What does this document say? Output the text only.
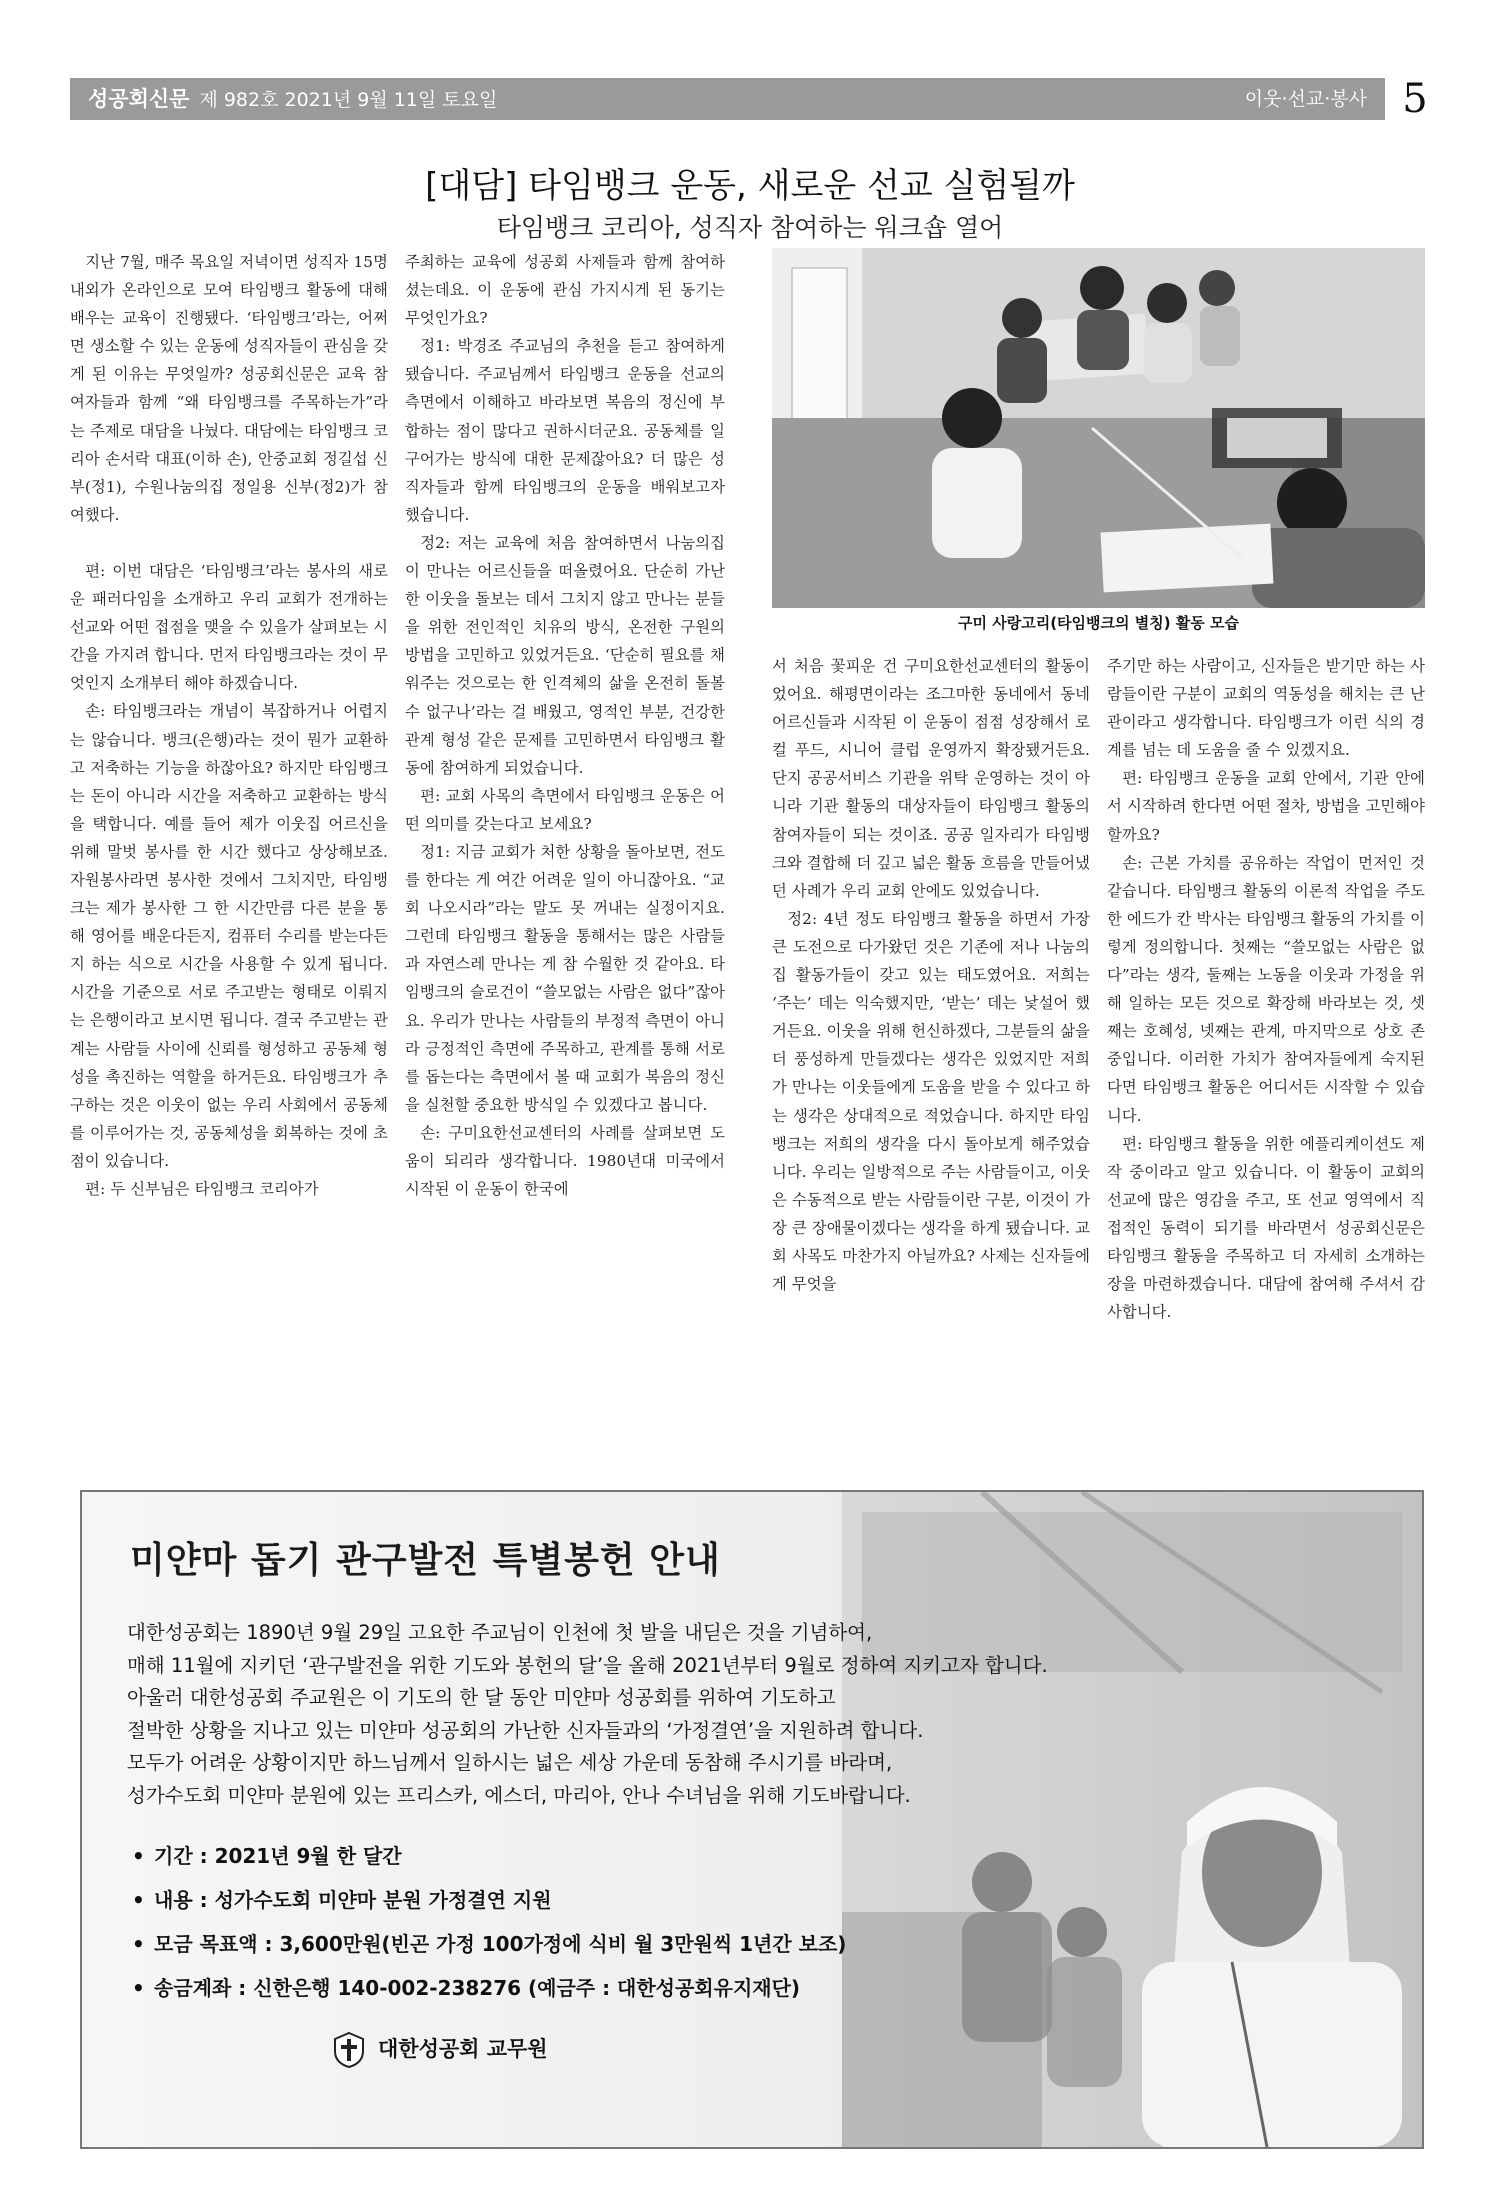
성공회신문 제 982호 2021년 9월 11일 토요일	이웃·선교·봉사 5
[대담] 타임뱅크 운동, 새로운 선교 실험될까
타임뱅크 코리아, 성직자 참여하는 워크숍 열어

지난 7월, 매주 목요일 저녁이면 성직자 15명 내외가 온라인으로 모여 타임뱅크 활동에 대해 배우는 교육이 진행됐다. ‘타임뱅크’라는, 어쩌면 생소할 수 있는 운동에 성직자들이 관심을 갖게 된 이유는 무엇일까? 성공회신문은 교육 참여자들과 함께 “왜 타임뱅크를 주목하는가”라는 주제로 대담을 나눴다. 대담에는 타임뱅크 코리아 손서락 대표(이하 손), 안중교회 정길섭 신부(정1), 수원나눔의집 정일용 신부(정2)가 참여했다.

편: 이번 대담은 ‘타임뱅크’라는 봉사의 새로운 패러다임을 소개하고 우리 교회가 전개하는 선교와 어떤 접점을 맺을 수 있을가 살펴보는 시간을 가지려 합니다. 먼저 타임뱅크라는 것이 무엇인지 소개부터 해야 하겠습니다.

손: 타임뱅크라는 개념이 복잡하거나 어렵지는 않습니다. 뱅크(은행)라는 것이 뭔가 교환하고 저축하는 기능을 하잖아요? 하지만 타임뱅크는 돈이 아니라 시간을 저축하고 교환하는 방식을 택합니다. 예를 들어 제가 이웃집 어르신을 위해 말벗 봉사를 한 시간 했다고 상상해보죠. 자원봉사라면 봉사한 것에서 그치지만, 타임뱅크는 제가 봉사한 그 한 시간만큼 다른 분을 통해 영어를 배운다든지, 컴퓨터 수리를 받는다든지 하는 식으로 시간을 사용할 수 있게 됩니다. 시간을 기준으로 서로 주고받는 형태로 이뤄지는 은행이라고 보시면 됩니다. 결국 주고받는 관계는 사람들 사이에 신뢰를 형성하고 공동체 형성을 촉진하는 역할을 하거든요. 타임뱅크가 추구하는 것은 이웃이 없는 우리 사회에서 공동체를 이루어가는 것, 공동체성을 회복하는 것에 초점이 있습니다.

편: 두 신부님은 타임뱅크 코리아가

주최하는 교육에 성공회 사제들과 함께 참여하셨는데요. 이 운동에 관심 가지시게 된 동기는 무엇인가요?

정1: 박경조 주교님의 추천을 듣고 참여하게 됐습니다. 주교님께서 타임뱅크 운동을 선교의 측면에서 이해하고 바라보면 복음의 정신에 부합하는 점이 많다고 권하시더군요. 공동체를 일구어가는 방식에 대한 문제잖아요? 더 많은 성직자들과 함께 타임뱅크의 운동을 배워보고자 했습니다.

정2: 저는 교육에 처음 참여하면서 나눔의집이 만나는 어르신들을 떠올렸어요. 단순히 가난한 이웃을 돌보는 데서 그치지 않고 만나는 분들을 위한 전인적인 치유의 방식, 온전한 구원의 방법을 고민하고 있었거든요. ‘단순히 필요를 채워주는 것으로는 한 인격체의 삶을 온전히 돌볼 수 없구나’라는 걸 배웠고, 영적인 부분, 건강한 관계 형성 같은 문제를 고민하면서 타임뱅크 활동에 참여하게 되었습니다.

편: 교회 사목의 측면에서 타임뱅크 운동은 어떤 의미를 갖는다고 보세요?

정1: 지금 교회가 처한 상황을 돌아보면, 전도를 한다는 게 여간 어려운 일이 아니잖아요. “교회 나오시라”라는 말도 못 꺼내는 실정이지요. 그런데 타임뱅크 활동을 통해서는 많은 사람들과 자연스레 만나는 게 참 수월한 것 같아요. 타임뱅크의 슬로건이 “쓸모없는 사람은 없다”잖아요. 우리가 만나는 사람들의 부정적 측면이 아니라 긍정적인 측면에 주목하고, 관계를 통해 서로를 돕는다는 측면에서 볼 때 교회가 복음의 정신을 실천할 중요한 방식일 수 있겠다고 봅니다.

손: 구미요한선교센터의 사례를 살펴보면 도움이 되리라 생각합니다. 1980년대 미국에서 시작된 이 운동이 한국에

구미 사랑고리(타임뱅크의 별칭) 활동 모습

서 처음 꽃피운 건 구미요한선교센터의 활동이었어요. 해평면이라는 조그마한 동네에서 동네 어르신들과 시작된 이 운동이 점점 성장해서 로컬 푸드, 시니어 클럽 운영까지 확장됐거든요. 단지 공공서비스 기관을 위탁 운영하는 것이 아니라 기관 활동의 대상자들이 타임뱅크 활동의 참여자들이 되는 것이죠. 공공 일자리가 타임뱅크와 결합해 더 깊고 넓은 활동 흐름을 만들어냈던 사례가 우리 교회 안에도 있었습니다.

정2: 4년 정도 타임뱅크 활동을 하면서 가장 큰 도전으로 다가왔던 것은 기존에 저나 나눔의집 활동가들이 갖고 있는 태도였어요. 저희는 ‘주는’ 데는 익숙했지만, ‘받는’ 데는 낯설어 했거든요. 이웃을 위해 헌신하겠다, 그분들의 삶을 더 풍성하게 만들겠다는 생각은 있었지만 저희가 만나는 이웃들에게 도움을 받을 수 있다고 하는 생각은 상대적으로 적었습니다. 하지만 타임뱅크는 저희의 생각을 다시 돌아보게 해주었습니다. 우리는 일방적으로 주는 사람들이고, 이웃은 수동적으로 받는 사람들이란 구분, 이것이 가장 큰 장애물이겠다는 생각을 하게 됐습니다. 교회 사목도 마찬가지 아닐까요? 사제는 신자들에게 무엇을

주기만 하는 사람이고, 신자들은 받기만 하는 사람들이란 구분이 교회의 역동성을 해치는 큰 난관이라고 생각합니다. 타임뱅크가 이런 식의 경계를 넘는 데 도움을 줄 수 있겠지요.

편: 타임뱅크 운동을 교회 안에서, 기관 안에서 시작하려 한다면 어떤 절차, 방법을 고민해야 할까요?

손: 근본 가치를 공유하는 작업이 먼저인 것 같습니다. 타임뱅크 활동의 이론적 작업을 주도한 에드가 칸 박사는 타임뱅크 활동의 가치를 이렇게 정의합니다. 첫째는 “쓸모없는 사람은 없다”라는 생각, 둘째는 노동을 이웃과 가정을 위해 일하는 모든 것으로 확장해 바라보는 것, 셋째는 호혜성, 넷째는 관계, 마지막으로 상호 존중입니다. 이러한 가치가 참여자들에게 숙지된다면 타임뱅크 활동은 어디서든 시작할 수 있습니다.

편: 타임뱅크 활동을 위한 에플리케이션도 제작 중이라고 알고 있습니다. 이 활동이 교회의 선교에 많은 영감을 주고, 또 선교 영역에서 직접적인 동력이 되기를 바라면서 성공회신문은 타임뱅크 활동을 주목하고 더 자세히 소개하는 장을 마련하겠습니다. 대담에 참여해 주셔서 감사합니다.

미얀마 돕기 관구발전 특별봉헌 안내
대한성공회는 1890년 9월 29일 고요한 주교님이 인천에 첫 발을 내딛은 것을 기념하여,
매해 11월에 지키던 ‘관구발전을 위한 기도와 봉헌의 달’을 올해 2021년부터 9월로 정하여 지키고자 합니다.
아울러 대한성공회 주교원은 이 기도의 한 달 동안 미얀마 성공회를 위하여 기도하고
절박한 상황을 지나고 있는 미얀마 성공회의 가난한 신자들과의 ‘가정결연’을 지원하려 합니다.
모두가 어려운 상황이지만 하느님께서 일하시는 넓은 세상 가운데 동참해 주시기를 바라며,
성가수도회 미얀마 분원에 있는 프리스카, 에스더, 마리아, 안나 수녀님을 위해 기도바랍니다.
• 기간 : 2021년 9월 한 달간
• 내용 : 성가수도회 미얀마 분원 가정결연 지원
• 모금 목표액 : 3,600만원(빈곤 가정 100가정에 식비 월 3만원씩 1년간 보조)
• 송금계좌 : 신한은행 140-002-238276 (예금주 : 대한성공회유지재단)
대한성공회 교무원
